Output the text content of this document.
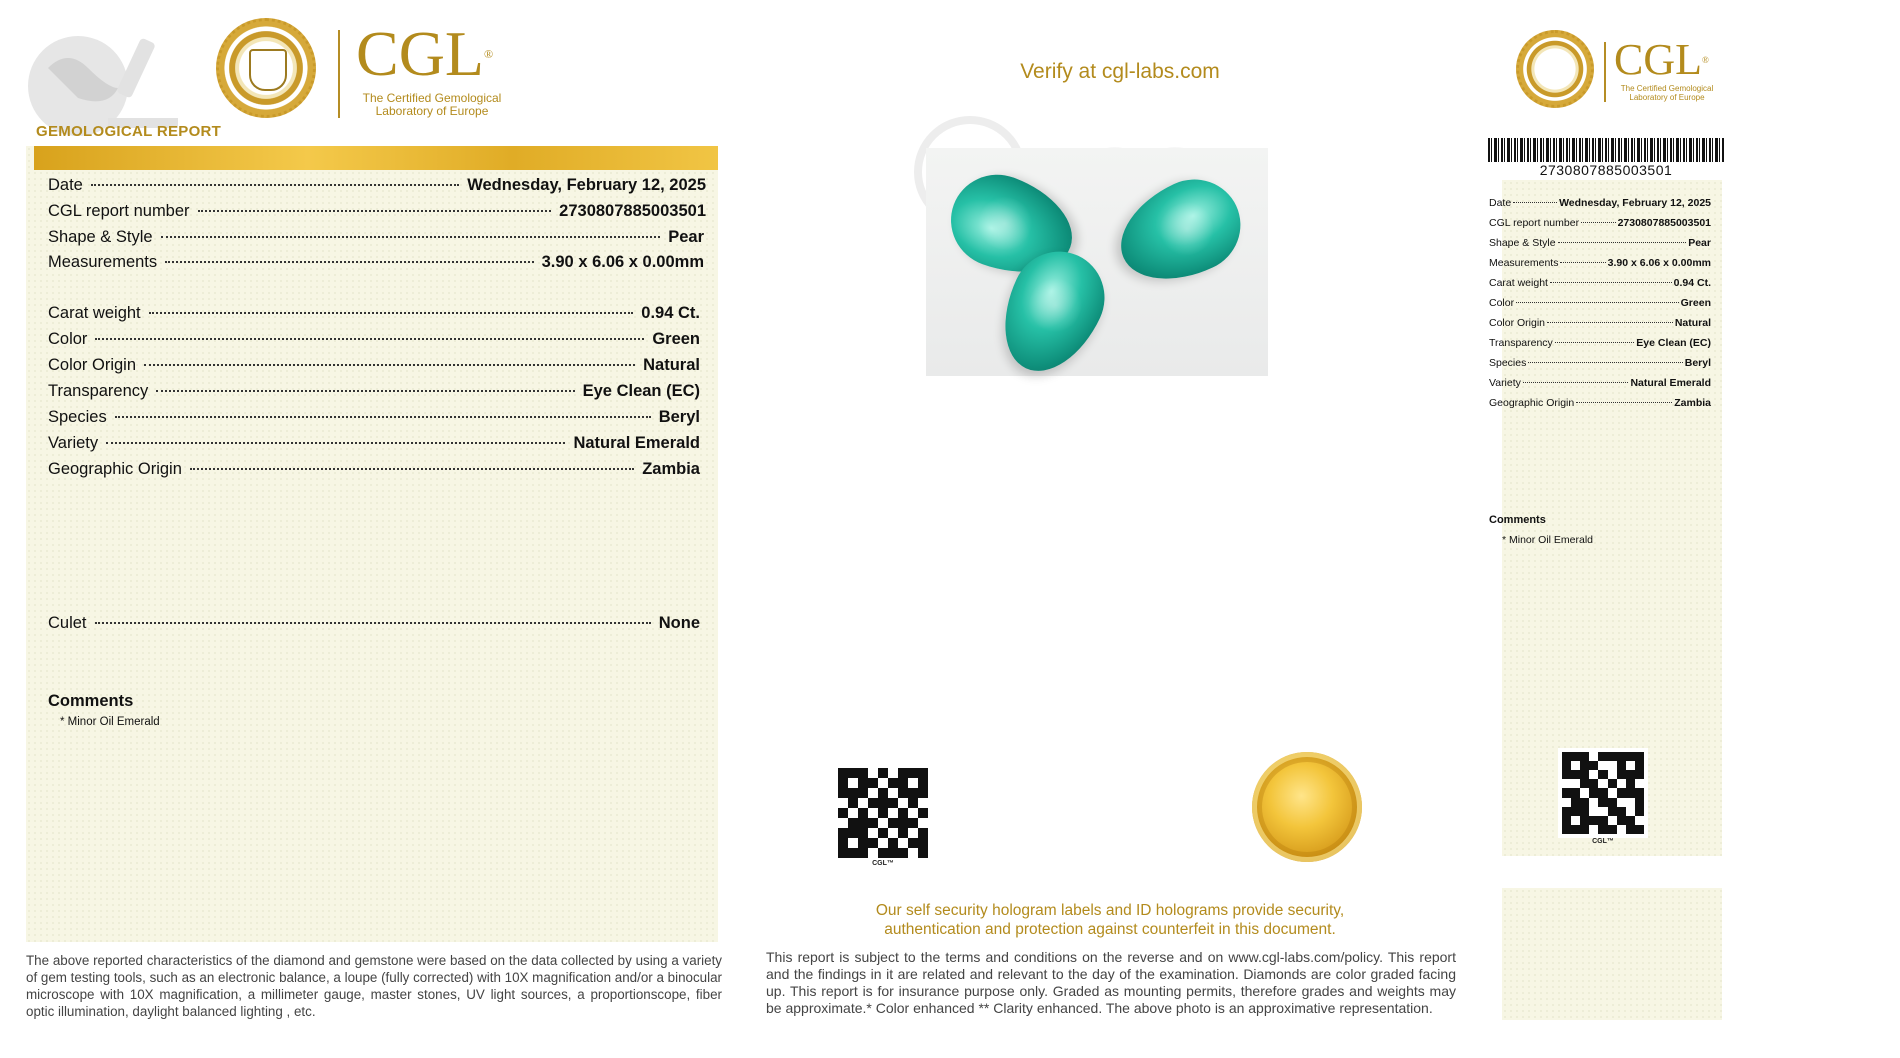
CGL®
The Certified Gemological
Laboratory of Europe
GEMOLOGICAL REPORT
Date	Wednesday, February 12, 2025
CGL report number	2730807885003501
Shape & Style	Pear
Measurements	3.90 x 6.06 x 0.00mm
Carat weight	0.94 Ct.
Color	Green
Color Origin	Natural
Transparency	Eye Clean (EC)
Species	Beryl
Variety	Natural Emerald
Geographic Origin	Zambia
Culet	None
Comments
* Minor Oil Emerald
The above reported characteristics of the diamond and gemstone were based on the data collected by using a variety of gem testing tools, such as an electronic balance, a loupe (fully corrected) with 10X magnification and/or a binocular microscope with 10X magnification, a millimeter gauge, master stones, UV light sources, a proportionscope, fiber optic illumination, daylight balanced lighting , etc.
Verify at cgl-labs.com
CGL™
Our self security hologram labels and ID holograms provide security,
authentication and protection against counterfeit in this document.
This report is subject to the terms and conditions on the reverse and on www.cgl-labs.com/policy. This report and the findings in it are related and relevant to the day of the examination. Diamonds are color graded facing up. This report is for insurance purpose only. Graded as mounting permits, therefore grades and weights may be approximate.* Color enhanced ** Clarity enhanced. The above photo is an approximative representation.
CGL®
The Certified Gemological
Laboratory of Europe
2730807885003501
Date	Wednesday, February 12, 2025
CGL report number	2730807885003501
Shape & Style	Pear
Measurements	3.90 x 6.06 x 0.00mm
Carat weight	0.94 Ct.
Color	Green
Color Origin	Natural
Transparency	Eye Clean (EC)
Species	Beryl
Variety	Natural Emerald
Geographic Origin	Zambia
Comments
* Minor Oil Emerald
CGL™
